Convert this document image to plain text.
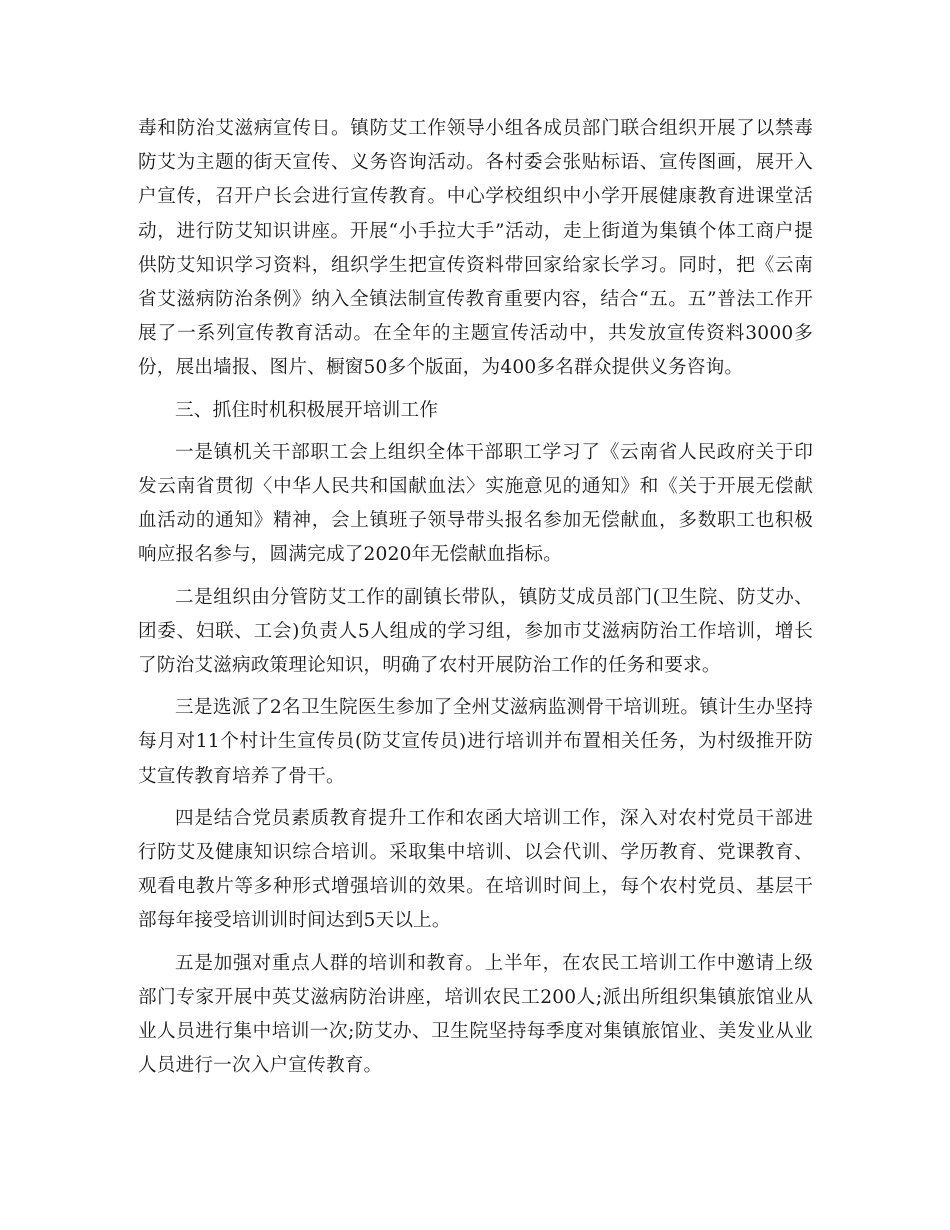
毒和防治艾滋病宣传日。镇防艾工作领导小组各成员部门联合组织开展了以禁毒防艾为主题的街天宣传、义务咨询活动。各村委会张贴标语、宣传图画，展开入户宣传，召开户长会进行宣传教育。中心学校组织中小学开展健康教育进课堂活动，进行防艾知识讲座。开展“小手拉大手”活动，走上街道为集镇个体工商户提供防艾知识学习资料，组织学生把宣传资料带回家给家长学习。同时，把《云南省艾滋病防治条例》纳入全镇法制宣传教育重要内容，结合“五。五”普法工作开展了一系列宣传教育活动。在全年的主题宣传活动中，共发放宣传资料3000多份，展出墙报、图片、橱窗50多个版面，为400多名群众提供义务咨询。

三、抓住时机积极展开培训工作

一是镇机关干部职工会上组织全体干部职工学习了《云南省人民政府关于印发云南省贯彻〈中华人民共和国献血法〉实施意见的通知》和《关于开展无偿献血活动的通知》精神，会上镇班子领导带头报名参加无偿献血，多数职工也积极响应报名参与，圆满完成了2020年无偿献血指标。

二是组织由分管防艾工作的副镇长带队，镇防艾成员部门(卫生院、防艾办、团委、妇联、工会)负责人5人组成的学习组，参加市艾滋病防治工作培训，增长了防治艾滋病政策理论知识，明确了农村开展防治工作的任务和要求。

三是选派了2名卫生院医生参加了全州艾滋病监测骨干培训班。镇计生办坚持每月对11个村计生宣传员(防艾宣传员)进行培训并布置相关任务，为村级推开防艾宣传教育培养了骨干。

四是结合党员素质教育提升工作和农函大培训工作，深入对农村党员干部进行防艾及健康知识综合培训。采取集中培训、以会代训、学历教育、党课教育、观看电教片等多种形式增强培训的效果。在培训时间上，每个农村党员、基层干部每年接受培训训时间达到5天以上。

五是加强对重点人群的培训和教育。上半年，在农民工培训工作中邀请上级部门专家开展中英艾滋病防治讲座，培训农民工200人;派出所组织集镇旅馆业从业人员进行集中培训一次;防艾办、卫生院坚持每季度对集镇旅馆业、美发业从业人员进行一次入户宣传教育。
